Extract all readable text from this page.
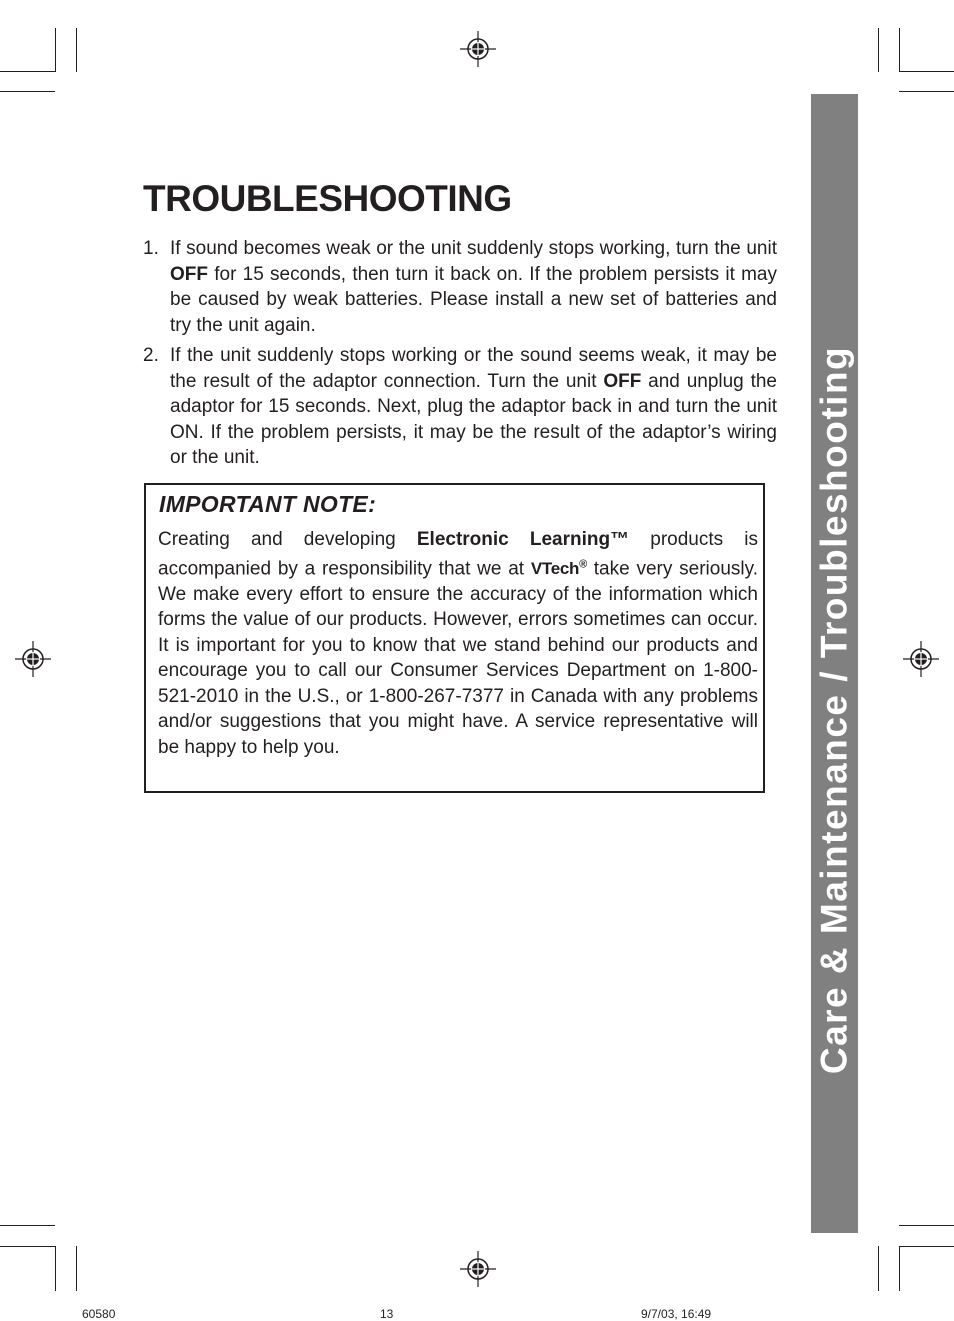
Care & Maintenance / Troubleshooting
TROUBLESHOOTING
1. If sound becomes weak or the unit suddenly stops working, turn the unit OFF for 15 seconds, then turn it back on. If the problem persists it may be caused by weak batteries. Please install a new set of batteries and try the unit again.
2. If the unit suddenly stops working or the sound seems weak, it may be the result of the adaptor connection. Turn the unit OFF and unplug the adaptor for 15 seconds. Next, plug the adaptor back in and turn the unit ON. If the problem persists, it may be the result of the adaptor’s wiring or the unit.
IMPORTANT NOTE:

Creating and developing Electronic Learning™ products is accompanied by a responsibility that we at VTech® take very seriously. We make every effort to ensure the accuracy of the information which forms the value of our products. However, errors sometimes can occur. It is important for you to know that we stand behind our products and encourage you to call our Consumer Services Department on 1-800-521-2010 in the U.S., or 1-800-267-7377 in Canada with any problems and/or suggestions that you might have. A service representative will be happy to help you.

60580	13	9/7/03, 16:49
